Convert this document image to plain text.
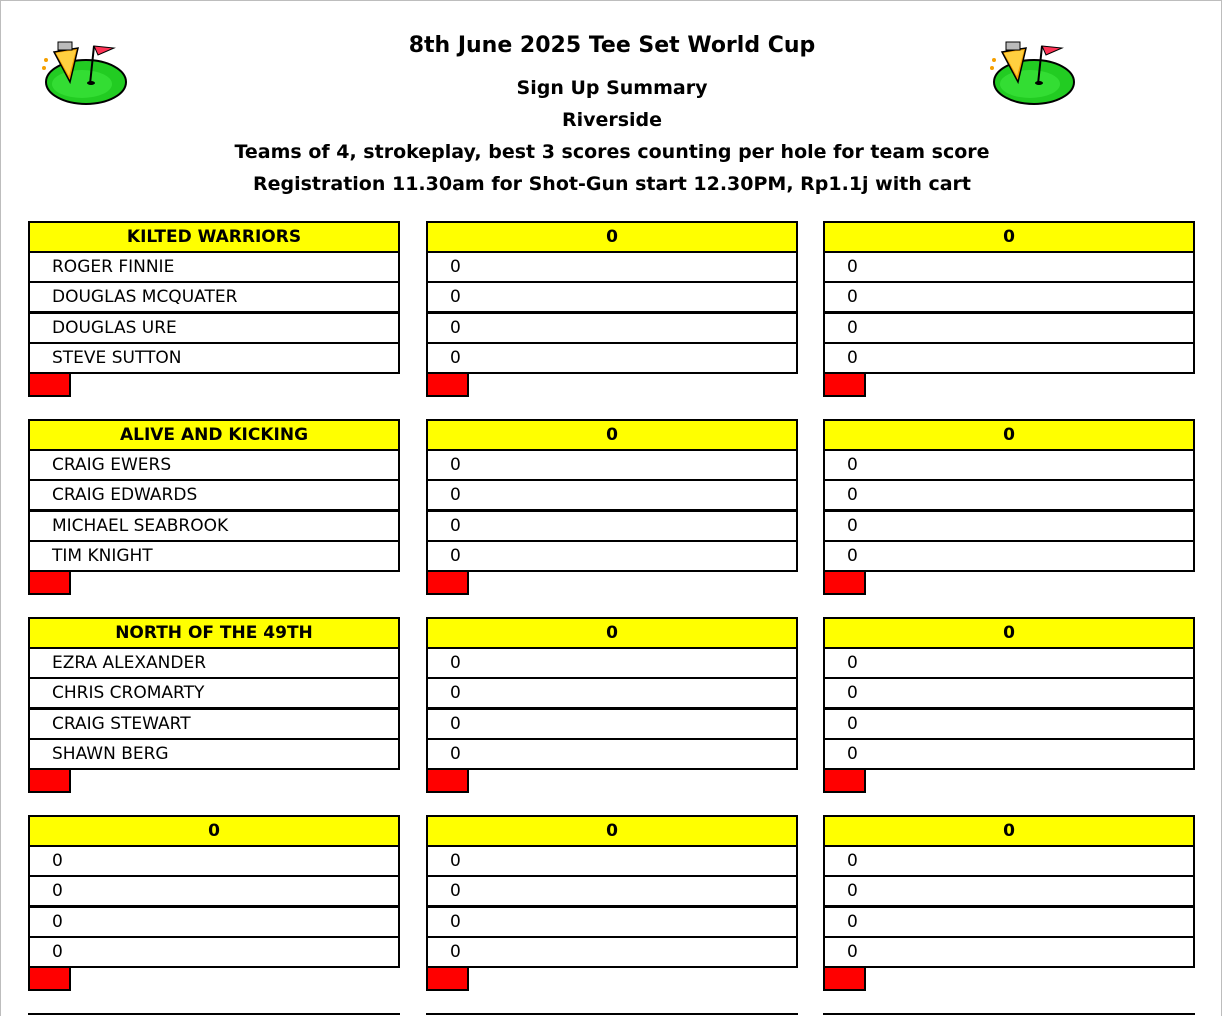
8th June 2025 Tee Set World Cup
Sign Up Summary
Riverside
Teams of 4, strokeplay, best 3 scores counting per hole for team score
Registration 11.30am for Shot-Gun start 12.30PM, Rp1.1j with cart
KILTED WARRIORS
ROGER FINNIE
DOUGLAS MCQUATER
DOUGLAS URE
STEVE SUTTON
0
0
0
0
0
0
0
0
0
0
ALIVE AND KICKING
CRAIG EWERS
CRAIG EDWARDS
MICHAEL SEABROOK
TIM KNIGHT
0
0
0
0
0
0
0
0
0
0
NORTH OF THE 49TH
EZRA ALEXANDER
CHRIS CROMARTY
CRAIG STEWART
SHAWN BERG
0
0
0
0
0
0
0
0
0
0
0
0
0
0
0
0
0
0
0
0
0
0
0
0
0
